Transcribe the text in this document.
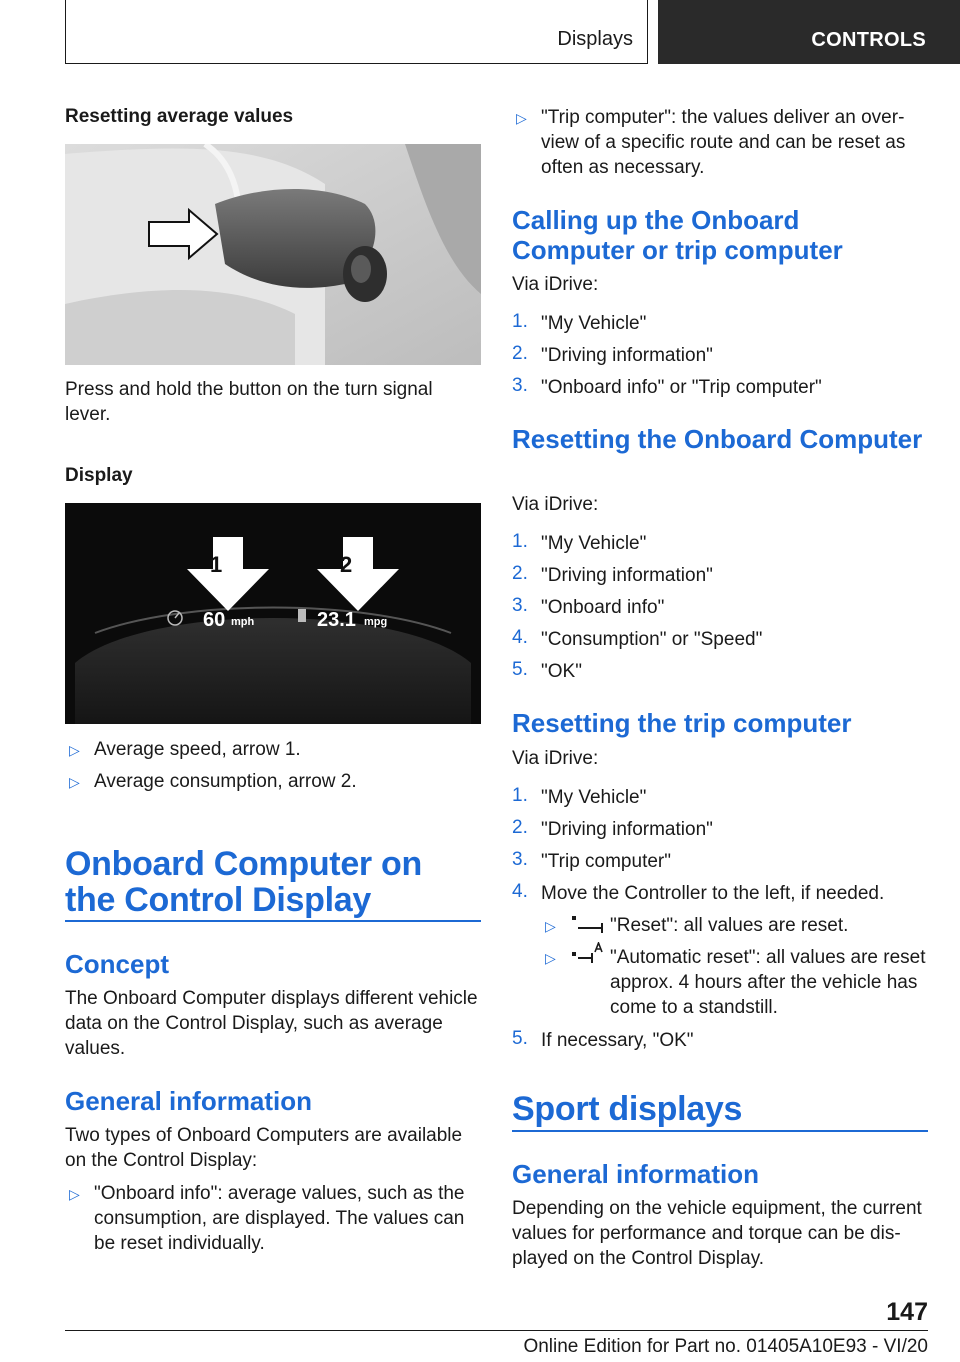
Displays	CONTROLS
Resetting average values
Press and hold the button on the turn signal lever.
Display
1	2
60 mph	23.1 mpg
▷ Average speed, arrow 1.
▷ Average consumption, arrow 2.
Onboard Computer on the Control Display
Concept
The Onboard Computer displays different vehicle data on the Control Display, such as average values.
General information
Two types of Onboard Computers are available on the Control Display:
▷ "Onboard info": average values, such as the consumption, are displayed. The values can be reset individually.
▷ "Trip computer": the values deliver an overview of a specific route and can be reset as often as necessary.
Calling up the Onboard Computer or trip computer
Via iDrive:
1. "My Vehicle"
2. "Driving information"
3. "Onboard info" or "Trip computer"
Resetting the Onboard Computer
Via iDrive:
1. "My Vehicle"
2. "Driving information"
3. "Onboard info"
4. "Consumption" or "Speed"
5. "OK"
Resetting the trip computer
Via iDrive:
1. "My Vehicle"
2. "Driving information"
3. "Trip computer"
4. Move the Controller to the left, if needed.
▷	"Reset": all values are reset.
▷	"Automatic reset": all values are reset approx. 4 hours after the vehicle has come to a standstill.
5. If necessary, "OK"
Sport displays
General information
Depending on the vehicle equipment, the current values for performance and torque can be displayed on the Control Display.
147
Online Edition for Part no. 01405A10E93 - VI/20
